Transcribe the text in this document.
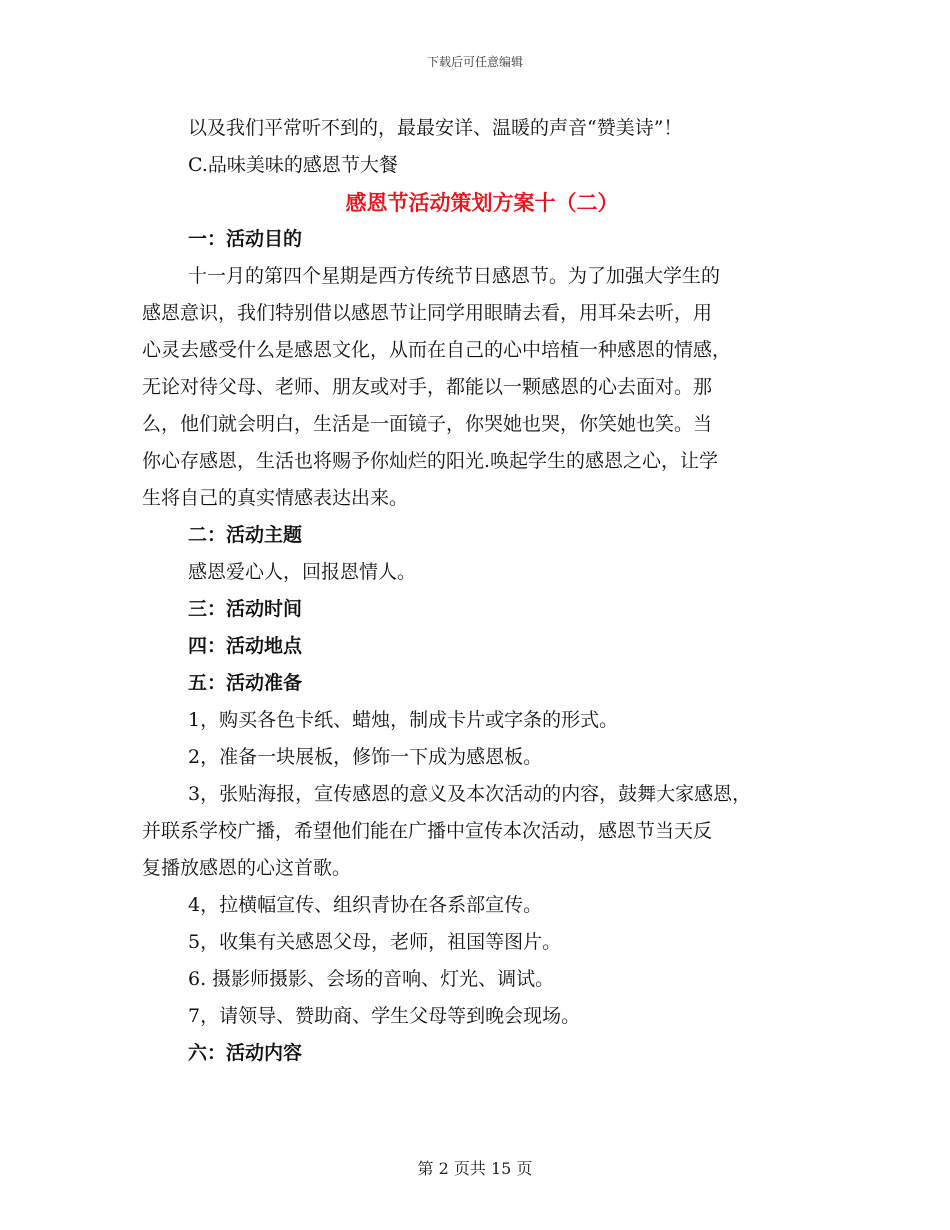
下载后可任意编辑
以及我们平常听不到的，最最安详、温暖的声音“赞美诗”！
C.品味美味的感恩节大餐
感恩节活动策划方案十（二）
一：活动目的
十一月的第四个星期是西方传统节日感恩节。为了加强大学生的
感恩意识，我们特别借以感恩节让同学用眼睛去看，用耳朵去听，用
心灵去感受什么是感恩文化，从而在自己的心中培植一种感恩的情感，
无论对待父母、老师、朋友或对手，都能以一颗感恩的心去面对。那
么，他们就会明白，生活是一面镜子，你哭她也哭，你笑她也笑。当
你心存感恩，生活也将赐予你灿烂的阳光.唤起学生的感恩之心，让学
生将自己的真实情感表达出来。
二：活动主题
感恩爱心人，回报恩情人。
三：活动时间
四：活动地点
五：活动准备
1，购买各色卡纸、蜡烛，制成卡片或字条的形式。
2，准备一块展板，修饰一下成为感恩板。
3，张贴海报，宣传感恩的意义及本次活动的内容，鼓舞大家感恩，
并联系学校广播，希望他们能在广播中宣传本次活动，感恩节当天反
复播放感恩的心这首歌。
4，拉横幅宣传、组织青协在各系部宣传。
5，收集有关感恩父母，老师，祖国等图片。
6. 摄影师摄影、会场的音响、灯光、调试。
7，请领导、赞助商、学生父母等到晚会现场。
六：活动内容
第 2 页共 15 页
